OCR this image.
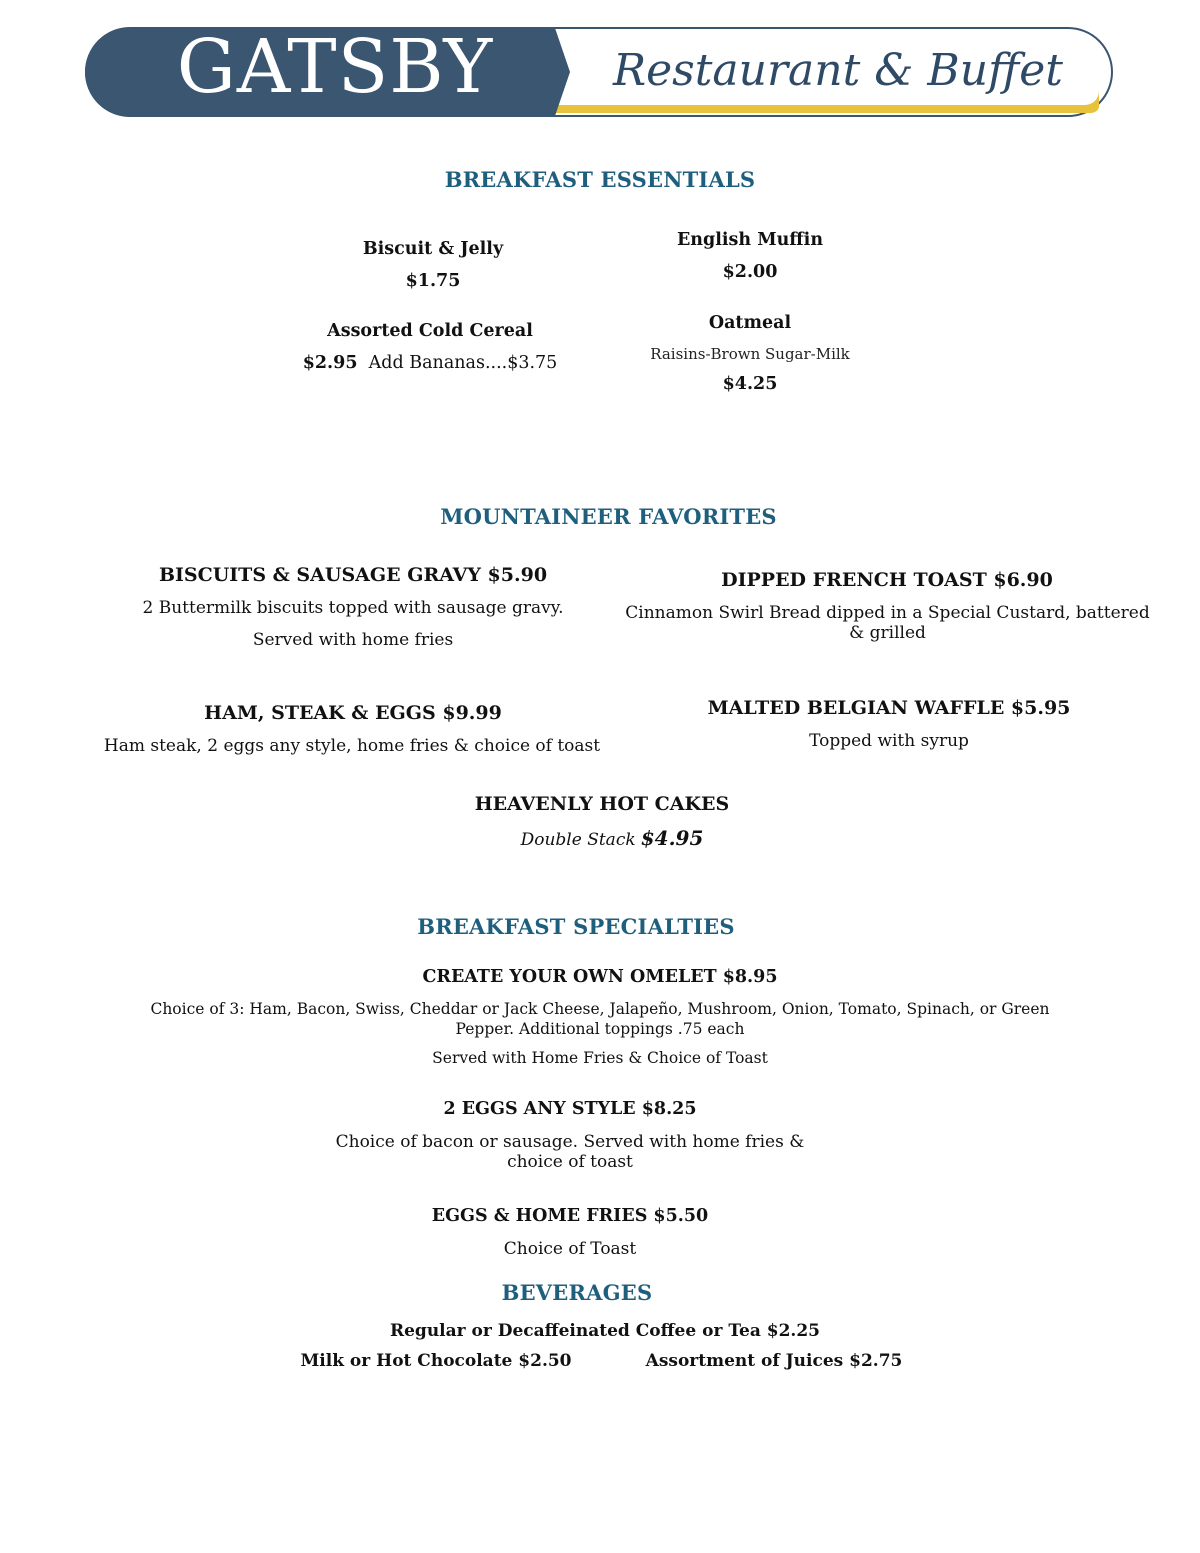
GATSBY	Restaurant & Buffet
BREAKFAST ESSENTIALS
Biscuit & Jelly
$1.75
English Muffin
$2.00
Assorted Cold Cereal
$2.95 Add Bananas....$3.75
Oatmeal
Raisins-Brown Sugar-Milk
$4.25
MOUNTAINEER FAVORITES
BISCUITS & SAUSAGE GRAVY $5.90
2 Buttermilk biscuits topped with sausage gravy.
Served with home fries
DIPPED FRENCH TOAST $6.90
Cinnamon Swirl Bread dipped in a Special Custard, battered & grilled
HAM, STEAK & EGGS $9.99
Ham steak, 2 eggs any style, home fries & choice of toast
MALTED BELGIAN WAFFLE $5.95
Topped with syrup
HEAVENLY HOT CAKES
Double Stack $4.95
BREAKFAST SPECIALTIES
CREATE YOUR OWN OMELET $8.95
Choice of 3: Ham, Bacon, Swiss, Cheddar or Jack Cheese, Jalapeño, Mushroom, Onion, Tomato, Spinach, or Green Pepper. Additional toppings .75 each
Served with Home Fries & Choice of Toast
2 EGGS ANY STYLE $8.25
Choice of bacon or sausage. Served with home fries & choice of toast
EGGS & HOME FRIES $5.50
Choice of Toast
BEVERAGES
Regular or Decaffeinated Coffee or Tea $2.25
Milk or Hot Chocolate $2.50	Assortment of Juices $2.75
